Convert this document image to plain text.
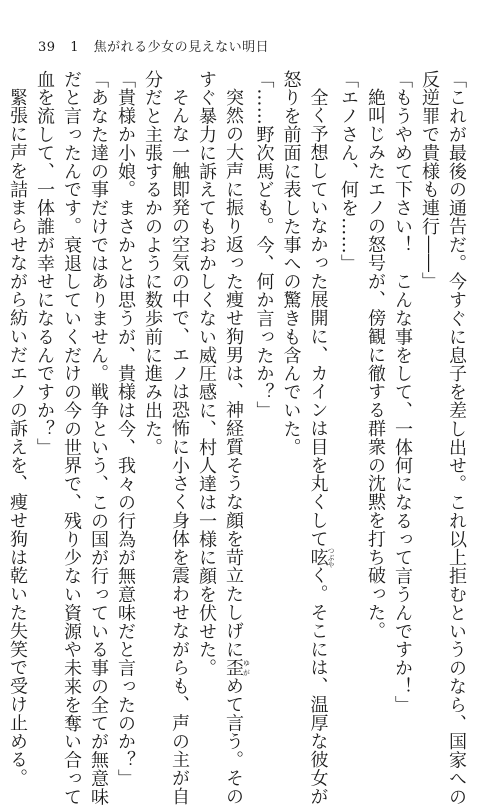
39 1 焦がれる少女の見えない明日
「これが最後の通告だ。今すぐに息子を差し出せ。これ以上拒むというのなら、国家への
反逆罪で貴様も連行――」
「もうやめて下さい！　こんな事をして、一体何になるって言うんですか！」
絶叫じみたエノの怒号が、傍観に徹する群衆の沈黙を打ち破った。
「エノさん、何を……」
全く予想していなかった展開に、カインは目を丸くして呟つぶやく。そこには、温厚な彼女が
怒りを前面に表した事への驚きも含んでいた。
「……野次馬ども。今、何か言ったか？」
突然の大声に振り返った痩せ狗男は、神経質そうな顔を苛立たしげに歪ゆがめて言う。その
すぐ暴力に訴えてもおかしくない威圧感に、村人達は一様に顔を伏せた。
そんな一触即発の空気の中で、エノは恐怖に小さく身体を震わせながらも、声の主が自
分だと主張するかのように数歩前に進み出た。
「貴様か小娘。まさかとは思うが、貴様は今、我々の行為が無意味だと言ったのか？」
「あなた達の事だけではありません。戦争という、この国が行っている事の全てが無意味
だと言ったんです。衰退していくだけの今の世界で、残り少ない資源や未来を奪い合って
血を流して、一体誰が幸せになるんですか？」
緊張に声を詰まらせながら紡いだエノの訴えを、痩せ狗は乾いた失笑で受け止める。
